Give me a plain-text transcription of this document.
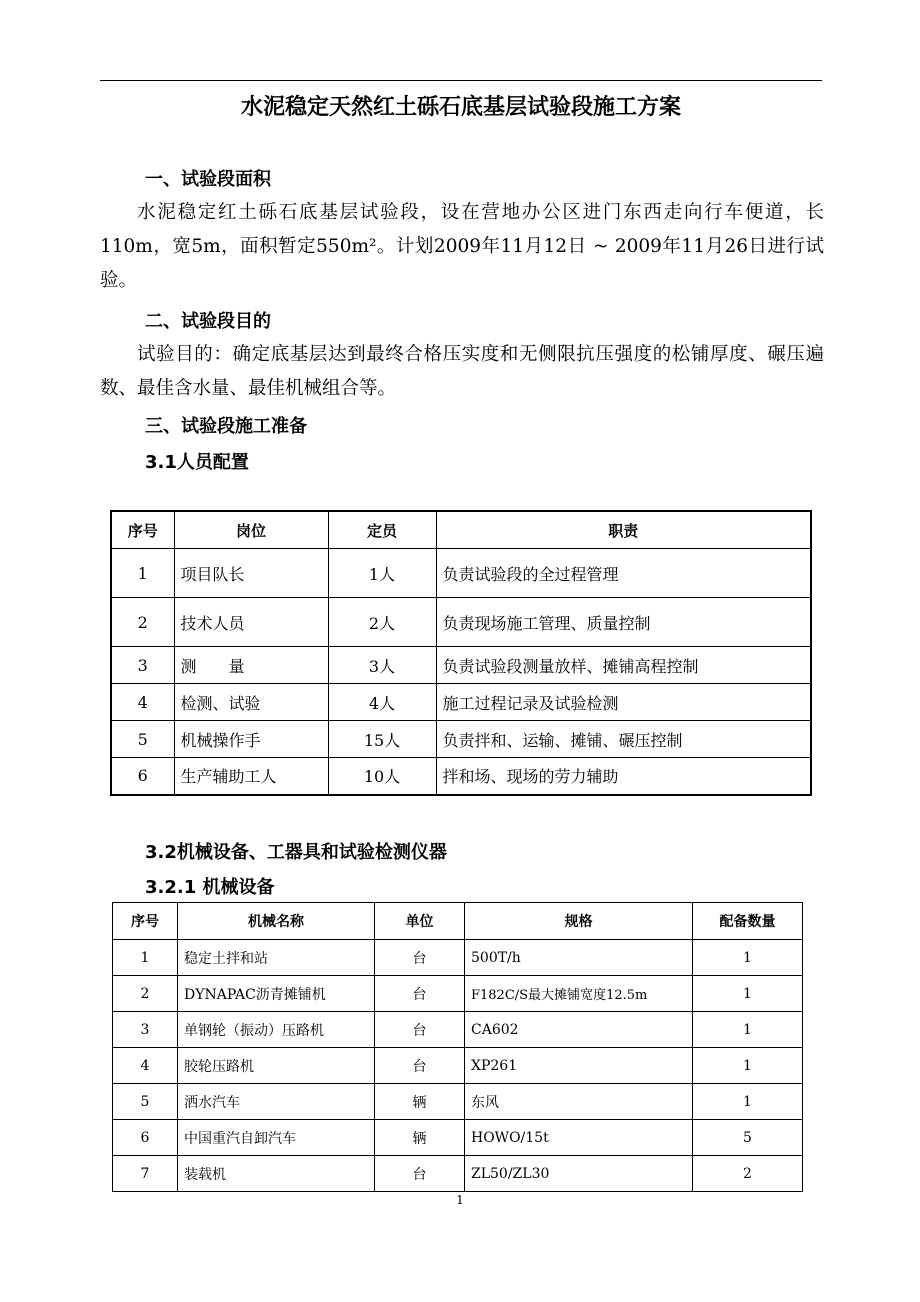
水泥稳定天然红土砾石底基层试验段施工方案
一、试验段面积

水泥稳定红土砾石底基层试验段，设在营地办公区进门东西走向行车便道，长110m，宽5m，面积暂定550m²。计划2009年11月12日 ~ 2009年11月26日进行试验。

二、试验段目的

试验目的：确定底基层达到最终合格压实度和无侧限抗压强度的松铺厚度、碾压遍数、最佳含水量、最佳机械组合等。

三、试验段施工准备
3.1人员配置
序号	岗位	定员	职责
1	项目队长	1人	负责试验段的全过程管理
2	技术人员	2人	负责现场施工管理、质量控制
3	测　　量	3人	负责试验段测量放样、摊铺高程控制
4	检测、试验	4人	施工过程记录及试验检测
5	机械操作手	15人	负责拌和、运输、摊铺、碾压控制
6	生产辅助工人	10人	拌和场、现场的劳力辅助
3.2机械设备、工器具和试验检测仪器
3.2.1 机械设备
序号	机械名称	单位	规格	配备数量
1	稳定土拌和站	台	500T/h	1
2	DYNAPAC沥青摊铺机	台	F182C/S最大摊铺宽度12.5m	1
3	单钢轮（振动）压路机	台	CA602	1
4	胶轮压路机	台	XP261	1
5	洒水汽车	辆	东风	1
6	中国重汽自卸汽车	辆	HOWO/15t	5
7	装载机	台	ZL50/ZL30	2
1
